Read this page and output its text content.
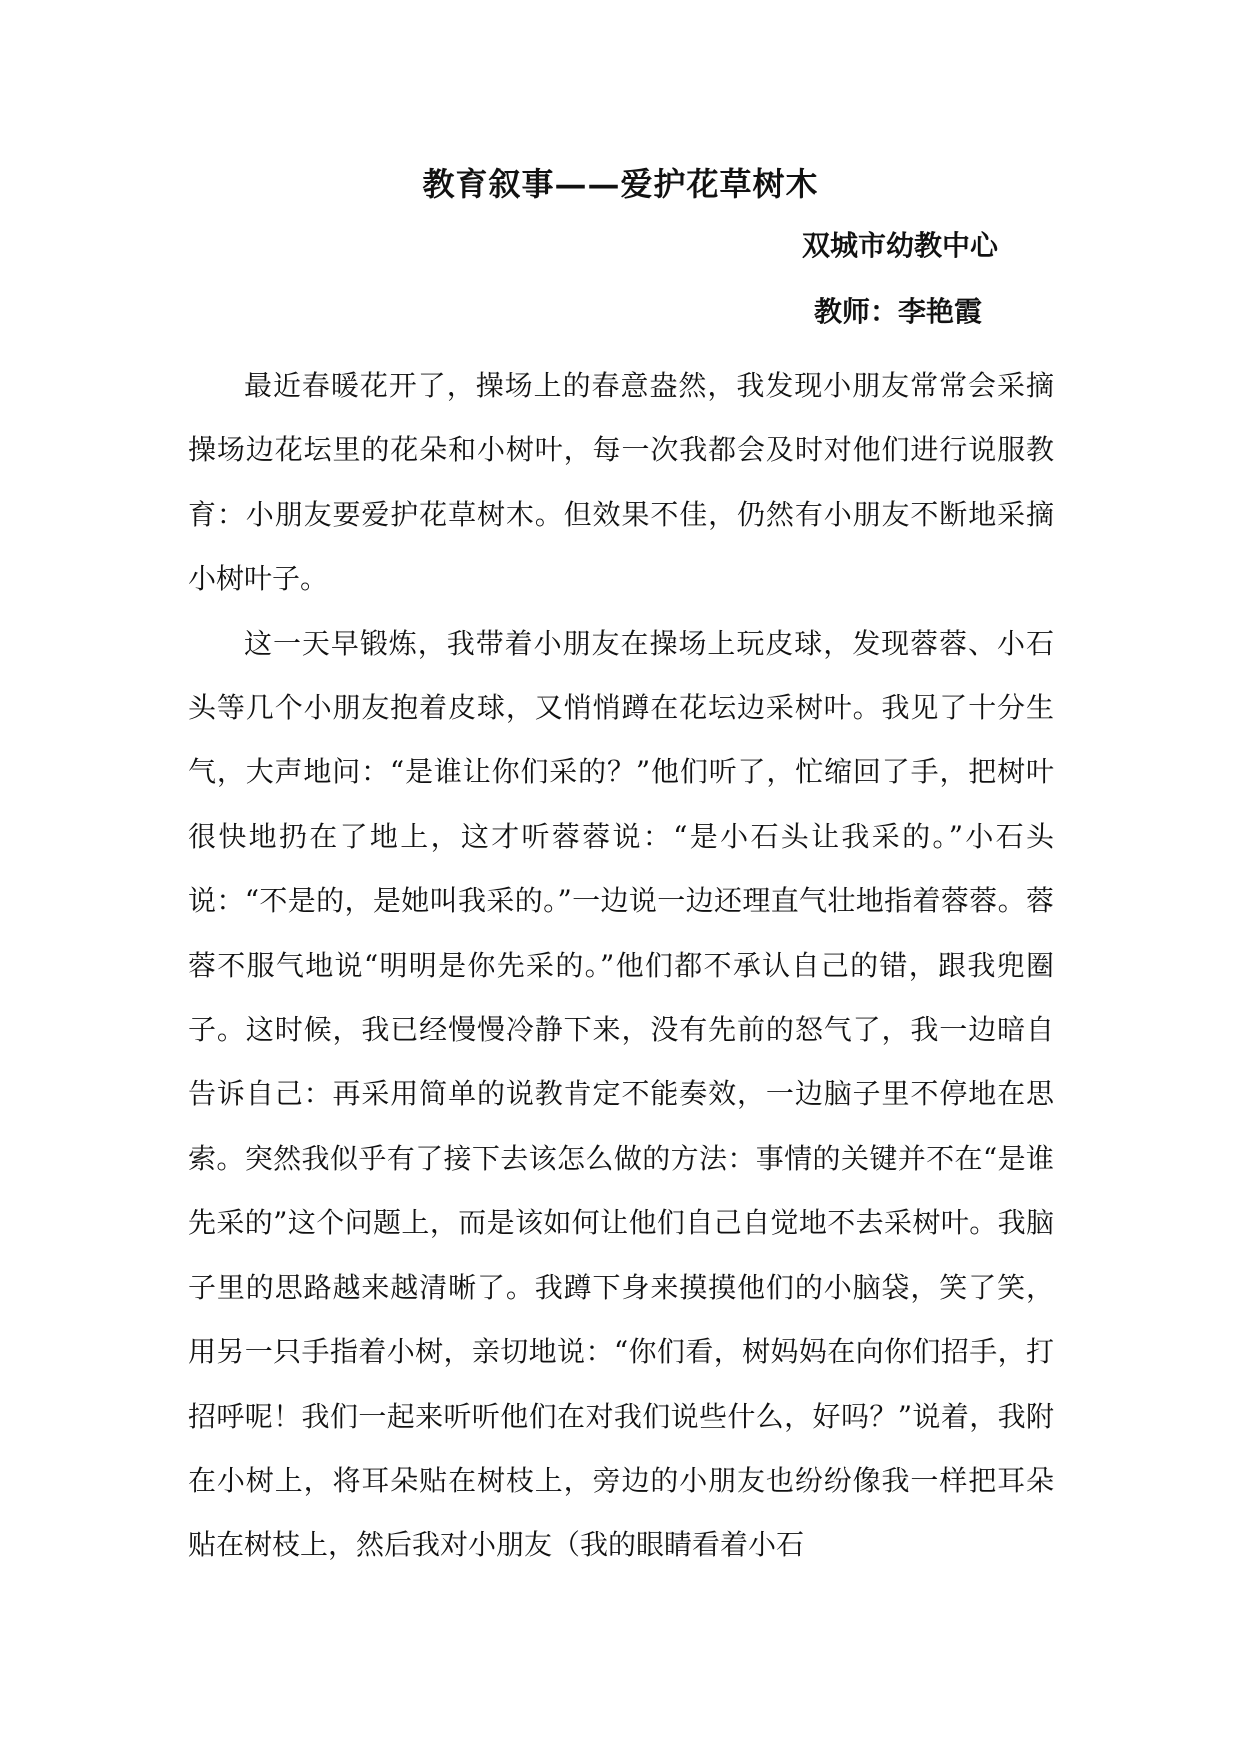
教育叙事——爱护花草树木

双城市幼教中心

教师：李艳霞

最近春暖花开了，操场上的春意盎然，我发现小朋友常常会采摘操场边花坛里的花朵和小树叶，每一次我都会及时对他们进行说服教育：小朋友要爱护花草树木。但效果不佳，仍然有小朋友不断地采摘小树叶子。

这一天早锻炼，我带着小朋友在操场上玩皮球，发现蓉蓉、小石头等几个小朋友抱着皮球，又悄悄蹲在花坛边采树叶。我见了十分生气，大声地问：“是谁让你们采的？”他们听了，忙缩回了手，把树叶很快地扔在了地上，这才听蓉蓉说：“是小石头让我采的。”小石头说：“不是的，是她叫我采的。”一边说一边还理直气壮地指着蓉蓉。蓉蓉不服气地说“明明是你先采的。”他们都不承认自己的错，跟我兜圈子。这时候，我已经慢慢冷静下来，没有先前的怒气了，我一边暗自告诉自己：再采用简单的说教肯定不能奏效，一边脑子里不停地在思索。突然我似乎有了接下去该怎么做的方法：事情的关键并不在“是谁先采的”这个问题上，而是该如何让他们自己自觉地不去采树叶。我脑子里的思路越来越清晰了。我蹲下身来摸摸他们的小脑袋，笑了笑，用另一只手指着小树，亲切地说：“你们看，树妈妈在向你们招手，打招呼呢！我们一起来听听他们在对我们说些什么，好吗？”说着，我附在小树上，将耳朵贴在树枝上，旁边的小朋友也纷纷像我一样把耳朵贴在树枝上，然后我对小朋友（我的眼睛看着小石
